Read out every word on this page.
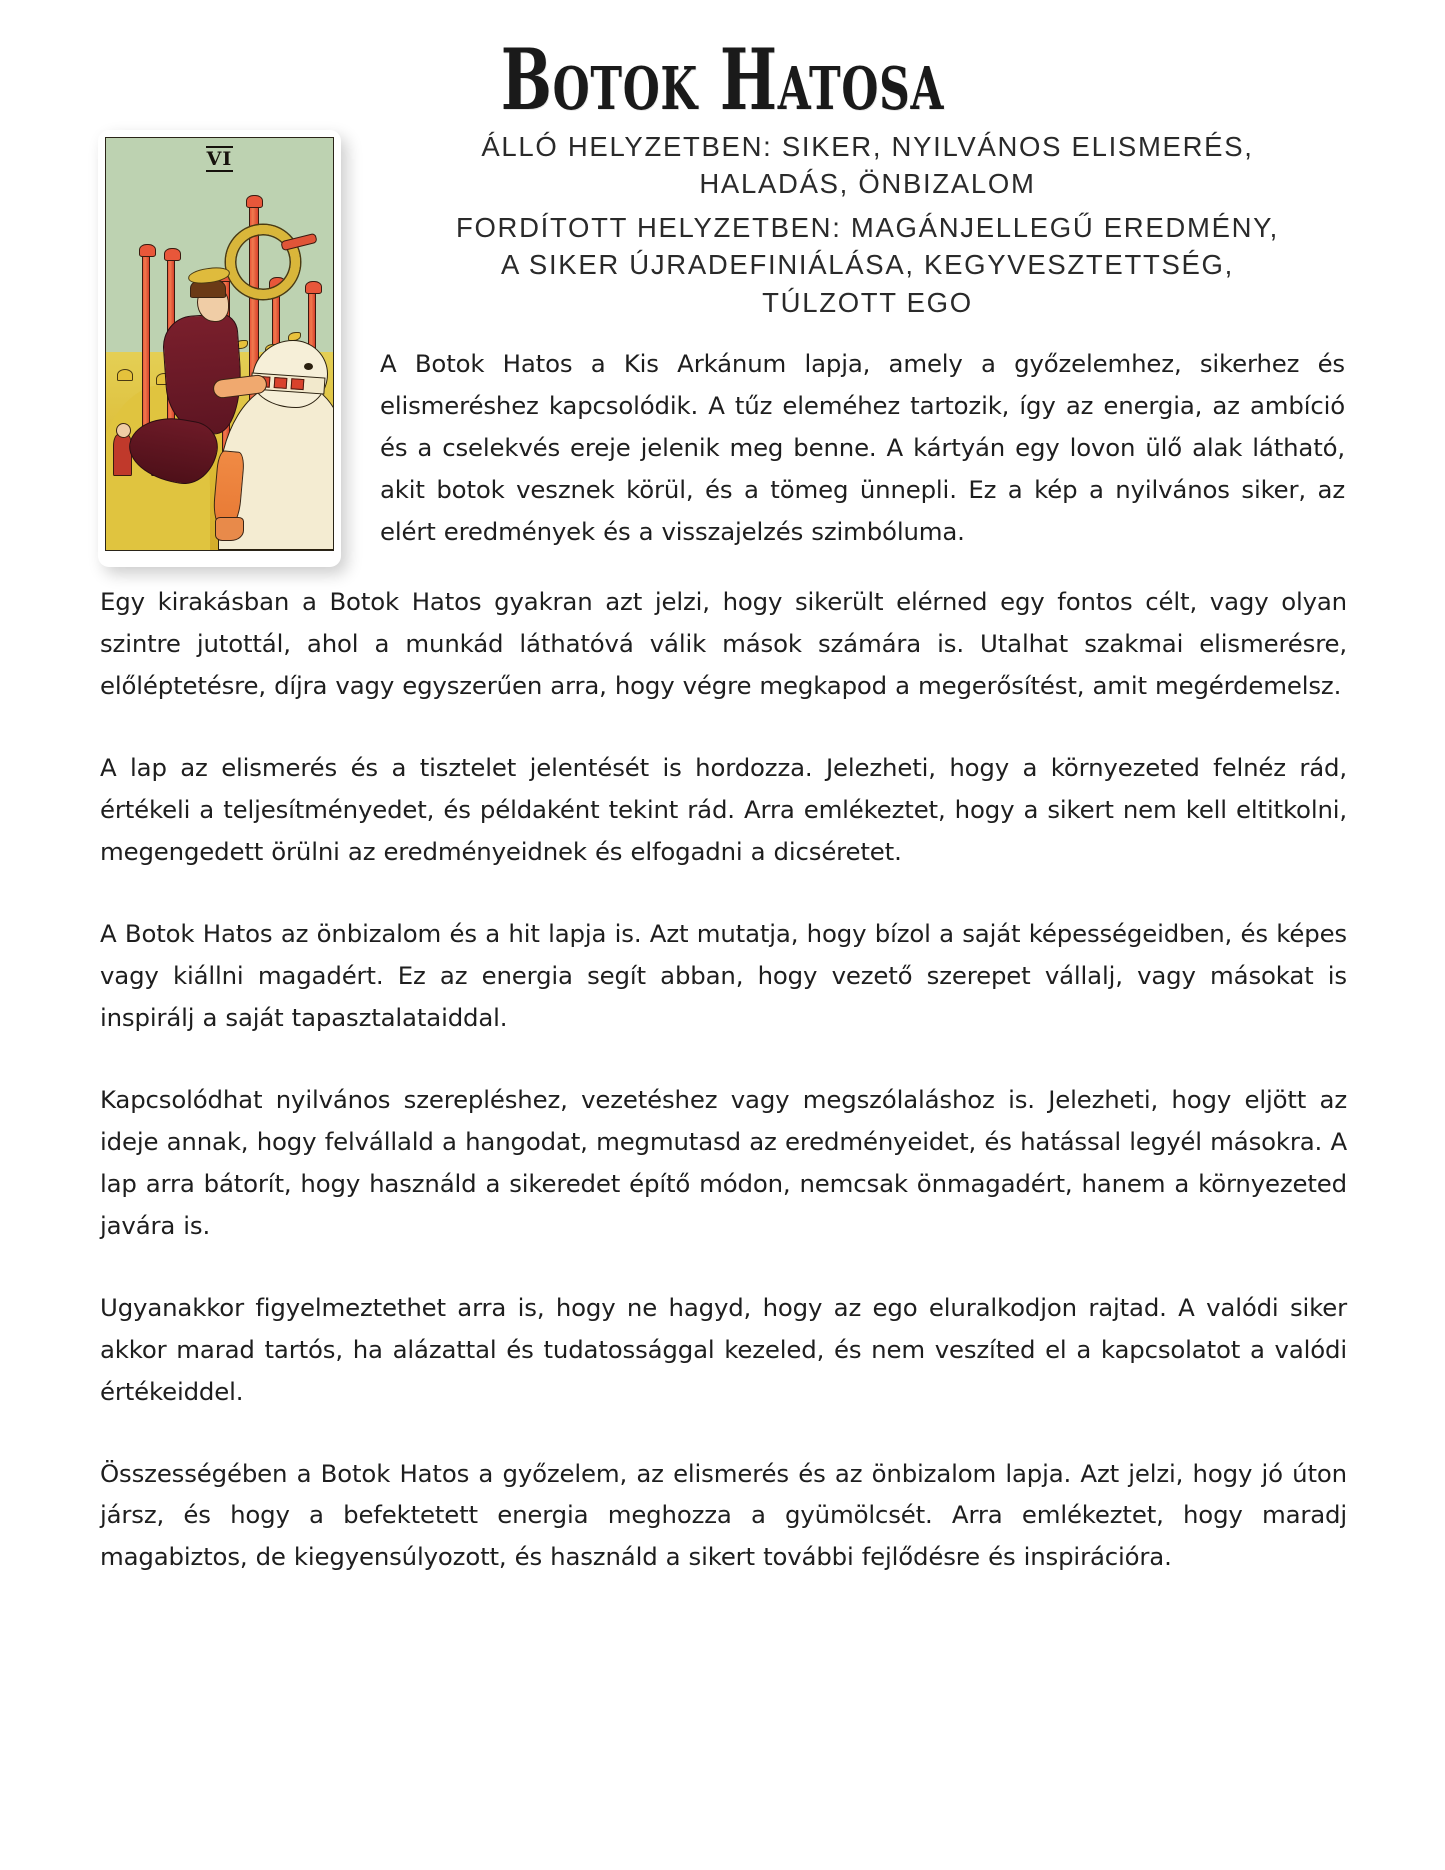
Botok Hatosa
VI	ÁLLÓ HELYZETBEN: SIKER, NYILVÁNOS ELISMERÉS,
HALADÁS, ÖNBIZALOM
FORDÍTOTT HELYZETBEN: MAGÁNJELLEGŰ EREDMÉNY,
A SIKER ÚJRADEFINIÁLÁSA, KEGYVESZTETTSÉG,
TÚLZOTT EGO

A Botok Hatos a Kis Arkánum lapja, amely a győzelemhez, sikerhez és elismeréshez kapcsolódik. A tűz eleméhez tartozik, így az energia, az ambíció és a cselekvés ereje jelenik meg benne. A kártyán egy lovon ülő alak látható, akit botok vesznek körül, és a tömeg ünnepli. Ez a kép a nyilvános siker, az elért eredmények és a visszajelzés szimbóluma.

Egy kirakásban a Botok Hatos gyakran azt jelzi, hogy sikerült elérned egy fontos célt, vagy olyan szintre jutottál, ahol a munkád láthatóvá válik mások számára is. Utalhat szakmai elismerésre, előléptetésre, díjra vagy egyszerűen arra, hogy végre megkapod a megerősítést, amit megérdemelsz.

A lap az elismerés és a tisztelet jelentését is hordozza. Jelezheti, hogy a környezeted felnéz rád, értékeli a teljesítményedet, és példaként tekint rád. Arra emlékeztet, hogy a sikert nem kell eltitkolni, megengedett örülni az eredményeidnek és elfogadni a dicséretet.

A Botok Hatos az önbizalom és a hit lapja is. Azt mutatja, hogy bízol a saját képességeidben, és képes vagy kiállni magadért. Ez az energia segít abban, hogy vezető szerepet vállalj, vagy másokat is inspirálj a saját tapasztalataiddal.

Kapcsolódhat nyilvános szerepléshez, vezetéshez vagy megszólaláshoz is. Jelezheti, hogy eljött az ideje annak, hogy felvállald a hangodat, megmutasd az eredményeidet, és hatással legyél másokra. A lap arra bátorít, hogy használd a sikeredet építő módon, nemcsak önmagadért, hanem a környezeted javára is.

Ugyanakkor figyelmeztethet arra is, hogy ne hagyd, hogy az ego eluralkodjon rajtad. A valódi siker akkor marad tartós, ha alázattal és tudatossággal kezeled, és nem veszíted el a kapcsolatot a valódi értékeiddel.

Összességében a Botok Hatos a győzelem, az elismerés és az önbizalom lapja. Azt jelzi, hogy jó úton jársz, és hogy a befektetett energia meghozza a gyümölcsét. Arra emlékeztet, hogy maradj magabiztos, de kiegyensúlyozott, és használd a sikert további fejlődésre és inspirációra.
